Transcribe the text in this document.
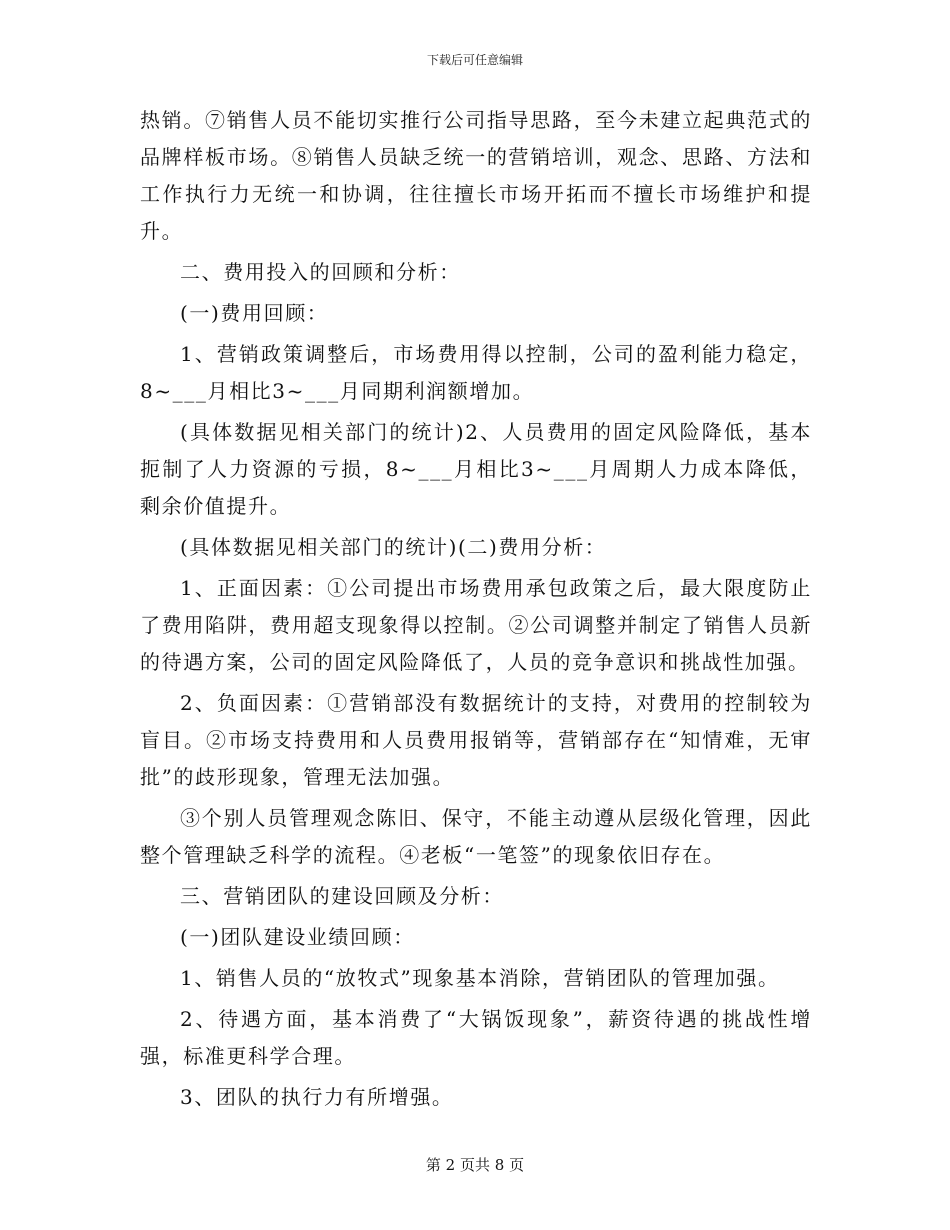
下载后可任意编辑

热销。⑦销售人员不能切实推行公司指导思路，至今未建立起典范式的品牌样板市场。⑧销售人员缺乏统一的营销培训，观念、思路、方法和工作执行力无统一和协调，往往擅长市场开拓而不擅长市场维护和提升。

二、费用投入的回顾和分析：

(一)费用回顾：

1、营销政策调整后，市场费用得以控制，公司的盈利能力稳定，8~___月相比3~___月同期利润额增加。

(具体数据见相关部门的统计)2、人员费用的固定风险降低，基本扼制了人力资源的亏损，8~___月相比3~___月周期人力成本降低，剩余价值提升。

(具体数据见相关部门的统计)(二)费用分析：

1、正面因素：①公司提出市场费用承包政策之后，最大限度防止了费用陷阱，费用超支现象得以控制。②公司调整并制定了销售人员新的待遇方案，公司的固定风险降低了，人员的竞争意识和挑战性加强。

2、负面因素：①营销部没有数据统计的支持，对费用的控制较为盲目。②市场支持费用和人员费用报销等，营销部存在“知情难，无审批”的歧形现象，管理无法加强。

③个别人员管理观念陈旧、保守，不能主动遵从层级化管理，因此整个管理缺乏科学的流程。④老板“一笔签”的现象依旧存在。

三、营销团队的建设回顾及分析：

(一)团队建设业绩回顾：

1、销售人员的“放牧式”现象基本消除，营销团队的管理加强。

2、待遇方面，基本消费了“大锅饭现象”，薪资待遇的挑战性增强，标准更科学合理。

3、团队的执行力有所增强。

第 2 页共 8 页
